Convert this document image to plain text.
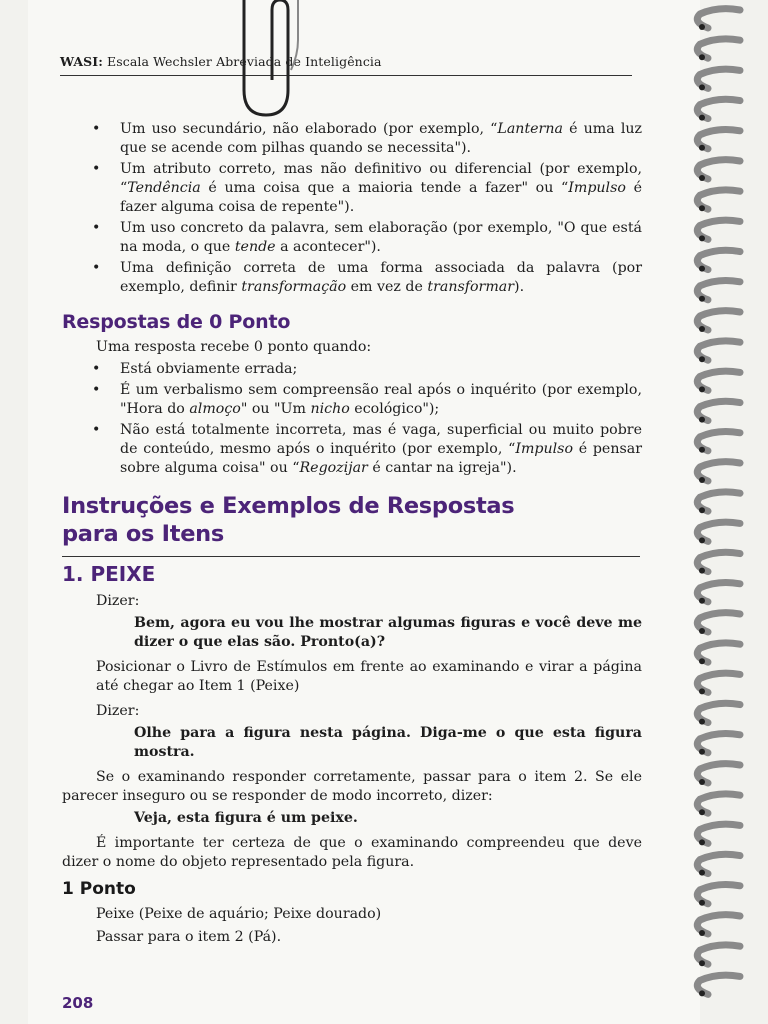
WASI: Escala Wechsler Abreviada de Inteligência
• Um uso secundário, não elaborado (por exemplo, “Lanterna é uma luz que se acende com pilhas quando se necessita").
• Um atributo correto, mas não definitivo ou diferencial (por exemplo, “Tendência é uma coisa que a maioria tende a fazer" ou “Impulso é fazer alguma coisa de repente").
• Um uso concreto da palavra, sem elaboração (por exemplo, "O que está na moda, o que tende a acontecer").
• Uma definição correta de uma forma associada da palavra (por exemplo, definir transformação em vez de transformar).
Respostas de 0 Ponto
Uma resposta recebe 0 ponto quando:
• Está obviamente errada;
• É um verbalismo sem compreensão real após o inquérito (por exemplo, "Hora do almoço" ou "Um nicho ecológico");
• Não está totalmente incorreta, mas é vaga, superficial ou muito pobre de conteúdo, mesmo após o inquérito (por exemplo, “Impulso é pensar sobre alguma coisa" ou “Regozijar é cantar na igreja").
Instruções e Exemplos de Respostas
para os Itens
1. PEIXE
Dizer:
Bem, agora eu vou lhe mostrar algumas figuras e você deve me dizer o que elas são. Pronto(a)?
Posicionar o Livro de Estímulos em frente ao examinando e virar a página até chegar ao Item 1 (Peixe)
Dizer:
Olhe para a figura nesta página. Diga-me o que esta figura mostra.
Se o examinando responder corretamente, passar para o item 2. Se ele parecer inseguro ou se responder de modo incorreto, dizer:
Veja, esta figura é um peixe.
É importante ter certeza de que o examinando compreendeu que deve dizer o nome do objeto representado pela figura.
1 Ponto
Peixe (Peixe de aquário; Peixe dourado)
Passar para o item 2 (Pá).
208
